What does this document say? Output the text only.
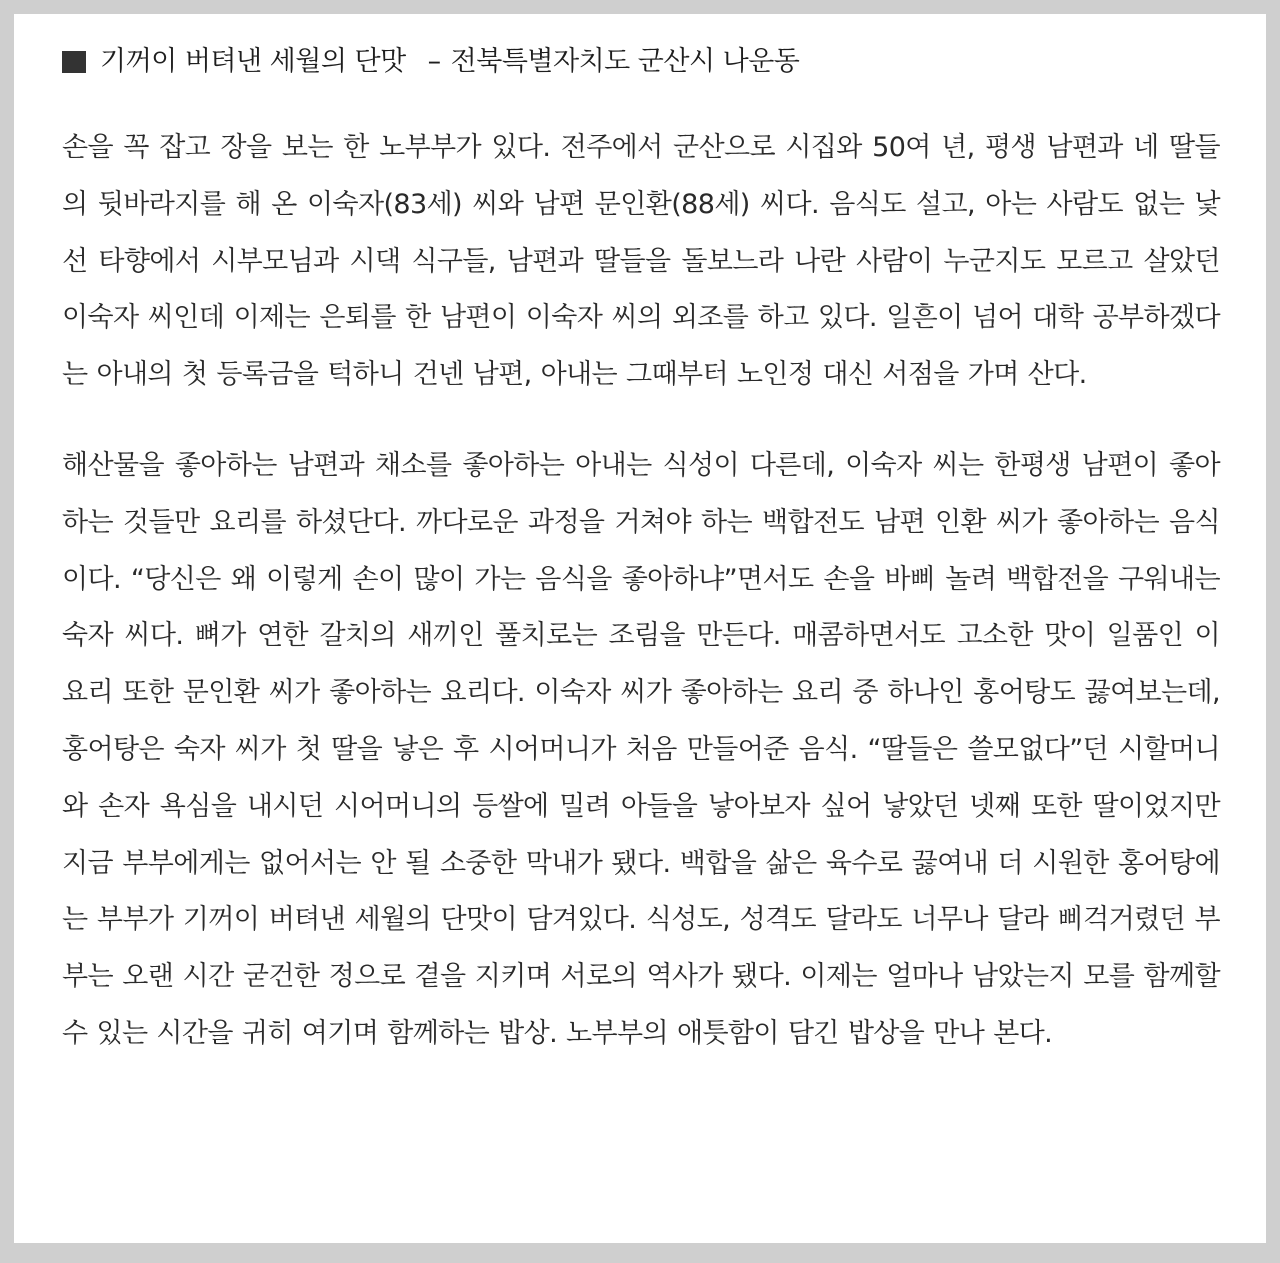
기꺼이 버텨낸 세월의 단맛 – 전북특별자치도 군산시 나운동

손을 꼭 잡고 장을 보는 한 노부부가 있다. 전주에서 군산으로 시집와 50여 년, 평생 남편과 네 딸들의 뒷바라지를 해 온 이숙자(83세) 씨와 남편 문인환(88세) 씨다. 음식도 설고, 아는 사람도 없는 낯선 타향에서 시부모님과 시댁 식구들, 남편과 딸들을 돌보느라 나란 사람이 누군지도 모르고 살았던 이숙자 씨인데 이제는 은퇴를 한 남편이 이숙자 씨의 외조를 하고 있다. 일흔이 넘어 대학 공부하겠다는 아내의 첫 등록금을 턱하니 건넨 남편, 아내는 그때부터 노인정 대신 서점을 가며 산다.

해산물을 좋아하는 남편과 채소를 좋아하는 아내는 식성이 다른데, 이숙자 씨는 한평생 남편이 좋아하는 것들만 요리를 하셨단다. 까다로운 과정을 거쳐야 하는 백합전도 남편 인환 씨가 좋아하는 음식이다. “당신은 왜 이렇게 손이 많이 가는 음식을 좋아하냐”면서도 손을 바삐 놀려 백합전을 구워내는 숙자 씨다. 뼈가 연한 갈치의 새끼인 풀치로는 조림을 만든다. 매콤하면서도 고소한 맛이 일품인 이 요리 또한 문인환 씨가 좋아하는 요리다. 이숙자 씨가 좋아하는 요리 중 하나인 홍어탕도 끓여보는데, 홍어탕은 숙자 씨가 첫 딸을 낳은 후 시어머니가 처음 만들어준 음식. “딸들은 쓸모없다”던 시할머니와 손자 욕심을 내시던 시어머니의 등쌀에 밀려 아들을 낳아보자 싶어 낳았던 넷째 또한 딸이었지만 지금 부부에게는 없어서는 안 될 소중한 막내가 됐다. 백합을 삶은 육수로 끓여내 더 시원한 홍어탕에는 부부가 기꺼이 버텨낸 세월의 단맛이 담겨있다. 식성도, 성격도 달라도 너무나 달라 삐걱거렸던 부부는 오랜 시간 굳건한 정으로 곁을 지키며 서로의 역사가 됐다. 이제는 얼마나 남았는지 모를 함께할 수 있는 시간을 귀히 여기며 함께하는 밥상. 노부부의 애틋함이 담긴 밥상을 만나 본다.
